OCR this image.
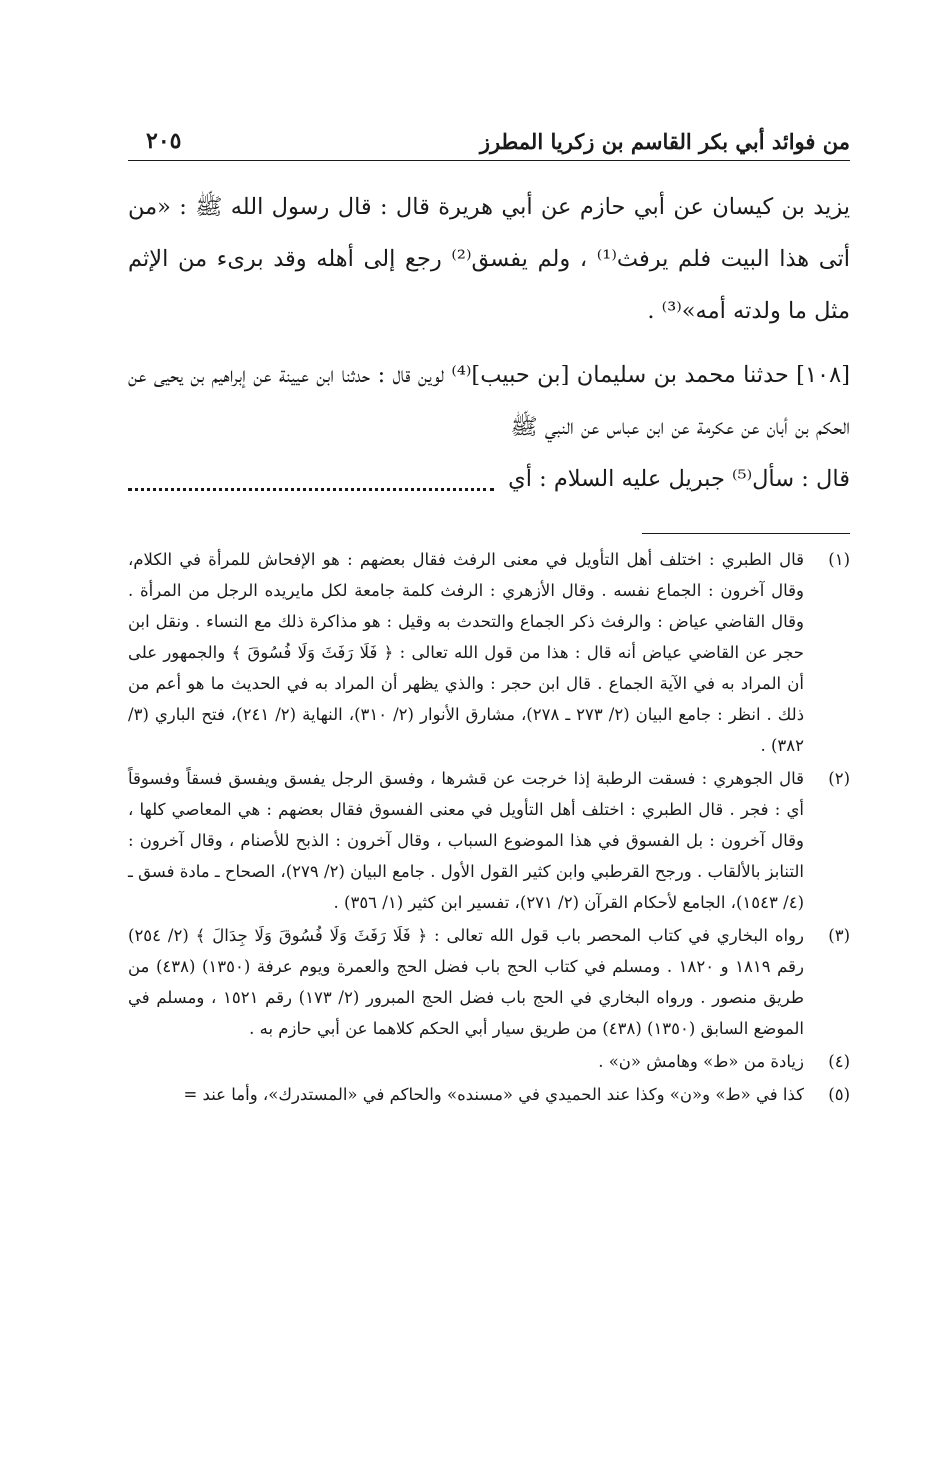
من فوائد أبي بكر القاسم بن زكريا المطرز
٢٠٥

يزيد بن كيسان عن أبي حازم عن أبي هريرة قال : قال رسول الله ﷺ : «من أتى هذا البيت فلم يرفث⁽¹⁾ ، ولم يفسق⁽²⁾ رجع إلى أهله وقد برىء من الإثم مثل ما ولدته أمه»⁽³⁾ .

[١٠٨] حدثنا محمد بن سليمان [بن حبيب]⁽⁴⁾ لوين قال : حدثنا ابن عيينة عن إبراهيم بن يحيى عن الحكم بن أبان عن عكرمة عن ابن عباس عن النبي ﷺ
قال : سأل⁽⁵⁾ جبريل عليه السلام : أي

(١)

قال الطبري : اختلف أهل التأويل في معنى الرفث فقال بعضهم : هو الإفحاش للمرأة في الكلام، وقال آخرون : الجماع نفسه . وقال الأزهري : الرفث كلمة جامعة لكل مايريده الرجل من المرأة . وقال القاضي عياض : والرفث ذكر الجماع والتحدث به وقيل : هو مذاكرة ذلك مع النساء . ونقل ابن حجر عن القاضي عياض أنه قال : هذا من قول الله تعالى : ﴿ فَلَا رَفَثَ وَلَا فُسُوقَ ﴾ والجمهور على أن المراد به في الآية الجماع . قال ابن حجر : والذي يظهر أن المراد به في الحديث ما هو أعم من ذلك . انظر : جامع البيان (٢/ ٢٧٣ ـ ٢٧٨)، مشارق الأنوار (٢/ ٣١٠)، النهاية (٢/ ٢٤١)، فتح الباري (٣/ ٣٨٢) .

(٢)

قال الجوهري : فسقت الرطبة إذا خرجت عن قشرها ، وفسق الرجل يفسق ويفسق فسقاً وفسوقاً أي : فجر . قال الطبري : اختلف أهل التأويل في معنى الفسوق فقال بعضهم : هي المعاصي كلها ، وقال آخرون : بل الفسوق في هذا الموضوع السباب ، وقال آخرون : الذبح للأصنام ، وقال آخرون : التنابز بالألقاب . ورجح القرطبي وابن كثير القول الأول . جامع البيان (٢/ ٢٧٩)، الصحاح ـ مادة فسق ـ (٤/ ١٥٤٣)، الجامع لأحكام القرآن (٢/ ٢٧١)، تفسير ابن كثير (١/ ٣٥٦) .

(٣)

رواه البخاري في كتاب المحصر باب قول الله تعالى : ﴿ فَلَا رَفَثَ وَلَا فُسُوقَ وَلَا جِدَالَ ﴾ (٢/ ٢٥٤) رقم ١٨١٩ و ١٨٢٠ . ومسلم في كتاب الحج باب فضل الحج والعمرة ويوم عرفة (١٣٥٠) (٤٣٨) من طريق منصور . ورواه البخاري في الحج باب فضل الحج المبرور (٢/ ١٧٣) رقم ١٥٢١ ، ومسلم في الموضع السابق (١٣٥٠) (٤٣٨) من طريق سيار أبي الحكم كلاهما عن أبي حازم به .

(٤)

زيادة من «ط» وهامش «ن» .

(٥)

كذا في «ط» و«ن» وكذا عند الحميدي في «مسنده» والحاكم في «المستدرك»، وأما عند =
